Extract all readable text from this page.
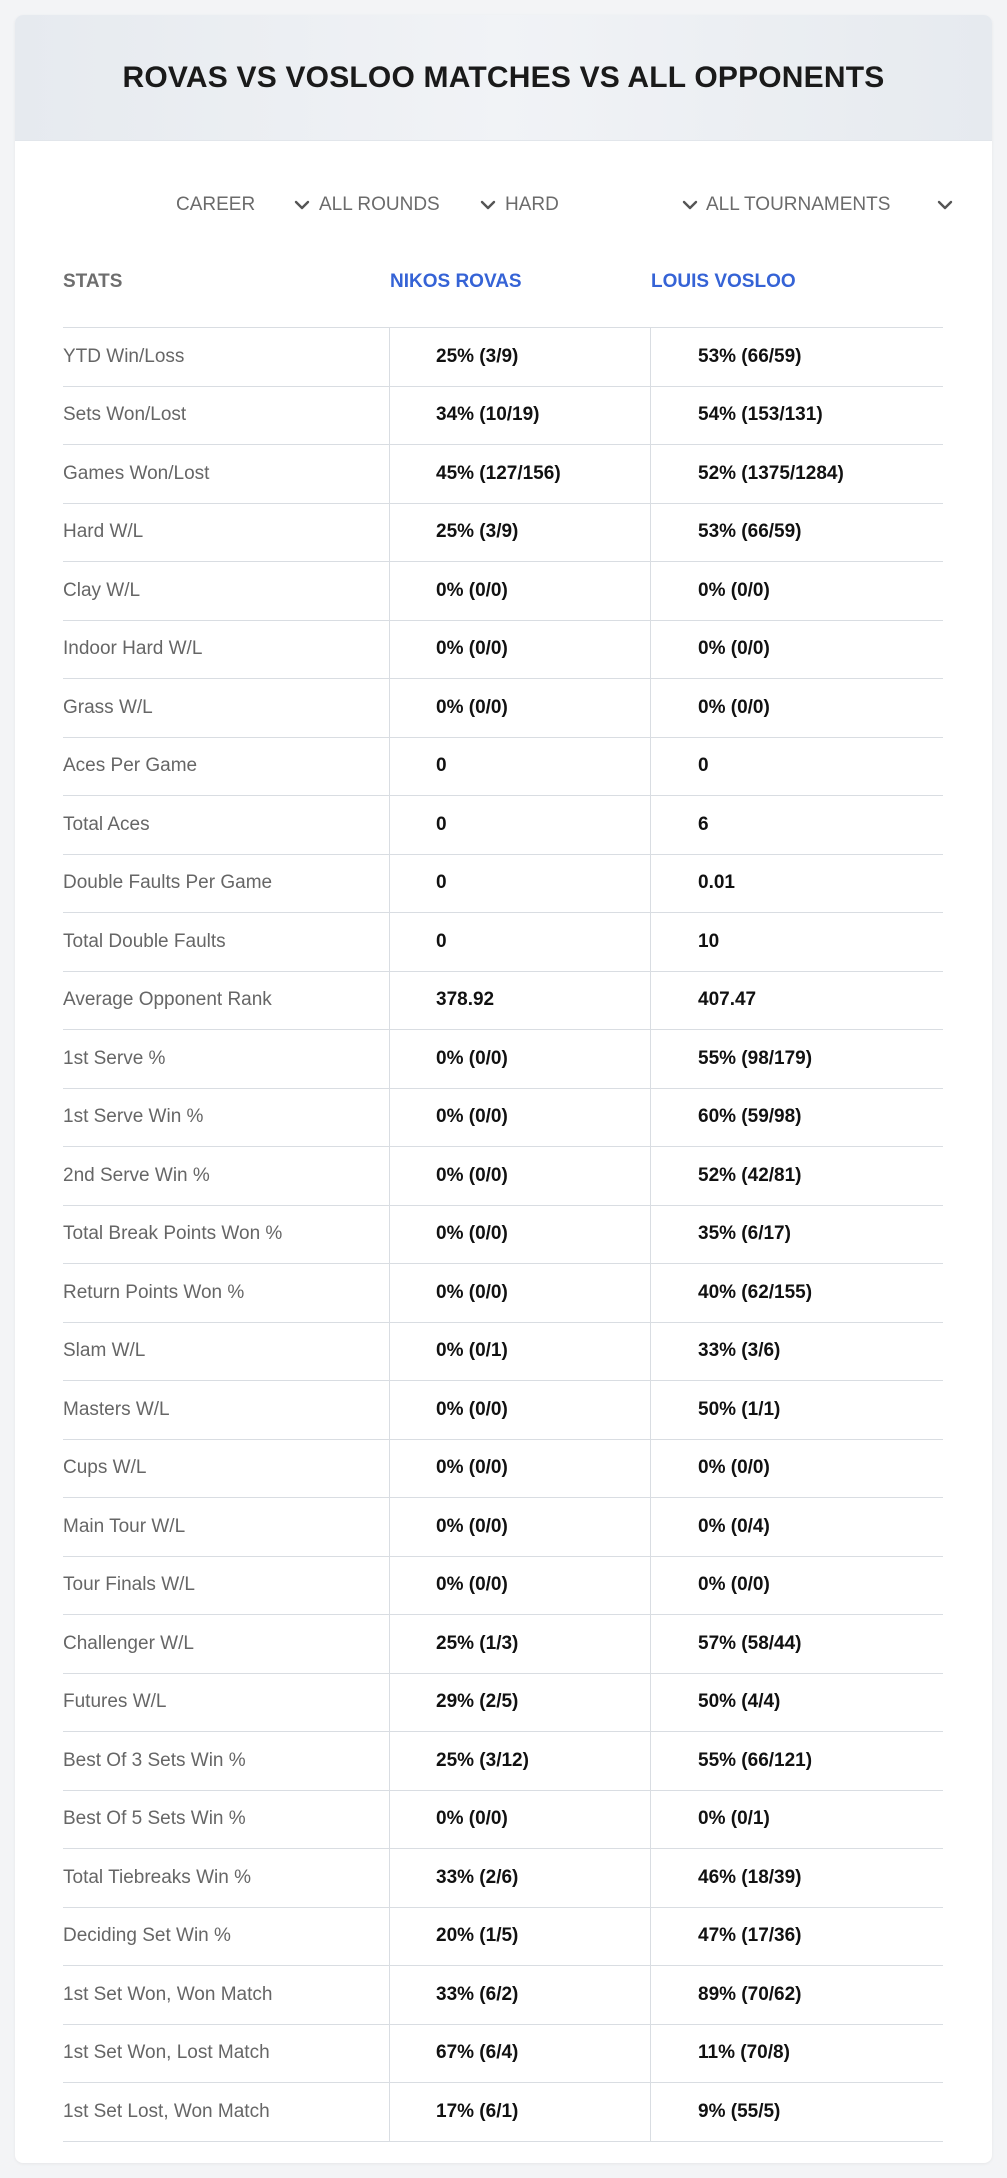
ROVAS VS VOSLOO MATCHES VS ALL OPPONENTS
CAREER	ALL ROUNDS	HARD	ALL TOURNAMENTS
STATS	NIKOS ROVAS	LOUIS VOSLOO
YTD Win/Loss	25% (3/9)	53% (66/59)
Sets Won/Lost	34% (10/19)	54% (153/131)
Games Won/Lost	45% (127/156)	52% (1375/1284)
Hard W/L	25% (3/9)	53% (66/59)
Clay W/L	0% (0/0)	0% (0/0)
Indoor Hard W/L	0% (0/0)	0% (0/0)
Grass W/L	0% (0/0)	0% (0/0)
Aces Per Game	0	0
Total Aces	0	6
Double Faults Per Game	0	0.01
Total Double Faults	0	10
Average Opponent Rank	378.92	407.47
1st Serve %	0% (0/0)	55% (98/179)
1st Serve Win %	0% (0/0)	60% (59/98)
2nd Serve Win %	0% (0/0)	52% (42/81)
Total Break Points Won %	0% (0/0)	35% (6/17)
Return Points Won %	0% (0/0)	40% (62/155)
Slam W/L	0% (0/1)	33% (3/6)
Masters W/L	0% (0/0)	50% (1/1)
Cups W/L	0% (0/0)	0% (0/0)
Main Tour W/L	0% (0/0)	0% (0/4)
Tour Finals W/L	0% (0/0)	0% (0/0)
Challenger W/L	25% (1/3)	57% (58/44)
Futures W/L	29% (2/5)	50% (4/4)
Best Of 3 Sets Win %	25% (3/12)	55% (66/121)
Best Of 5 Sets Win %	0% (0/0)	0% (0/1)
Total Tiebreaks Win %	33% (2/6)	46% (18/39)
Deciding Set Win %	20% (1/5)	47% (17/36)
1st Set Won, Won Match	33% (6/2)	89% (70/62)
1st Set Won, Lost Match	67% (6/4)	11% (70/8)
1st Set Lost, Won Match	17% (6/1)	9% (55/5)
